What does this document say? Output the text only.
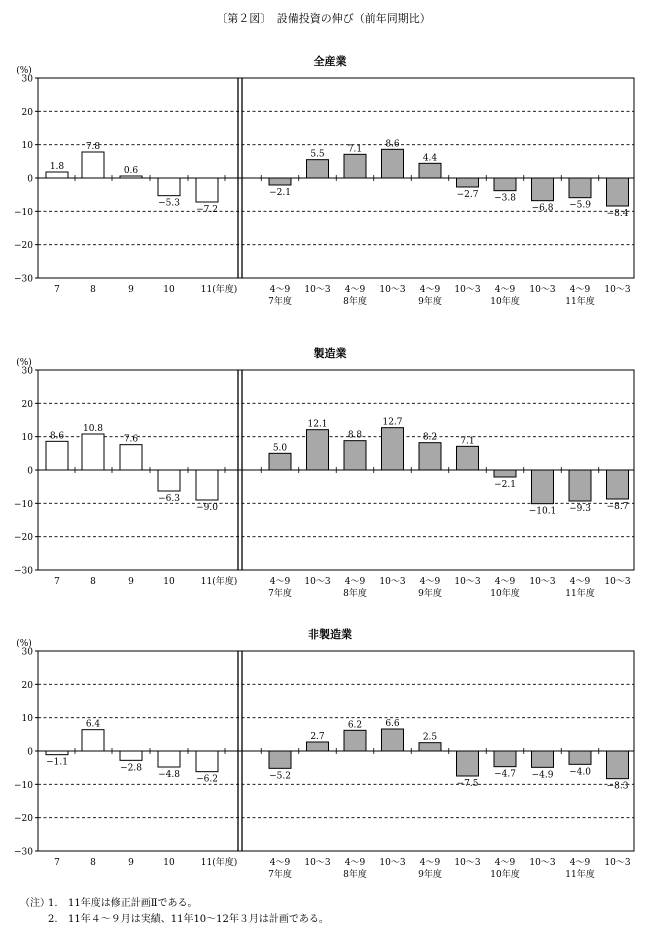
〔第２図〕　設備投資の伸び（前年同期比）
全産業
(%)
30
20
10
0
−10
−20
−30
1.8
7.8
0.6
−5.3
−7.2
−2.1
5.5
7.1	8.6
4.4
−2.7 −3.8
−6.8 −5.9
−8.4
7	8	9	10	11(年度)	4～9
7年度
10～3 4～9
8年度
10～3 4～9
9年度
10～3 4～9
10年度
10～3 4～9
11年度
10～3
製造業
(%)
30
20
10
0
−10
−20
−30
8.6
10.8
7.6
−6.3
−9.0
5.0
12.1
8.8
12.7
8.2	7.1
−2.1
−10.1 −9.3 −8.7
7	8	9	10	11(年度)	4～9
7年度
10～3 4～9
8年度
10～3 4～9
9年度
10～3 4～9
10年度
10～3 4～9
11年度
10～3
非製造業
(%)
30
20
10
0
−10
−20
−30
−1.1
6.4
−2.8
−4.8 −6.2	−5.2
2.7
6.2	6.6
2.5
−7.5
−4.7 −4.9 −4.0
−8.3
7	8	9	10	11(年度)	4～9
7年度
10～3 4～9
8年度
10～3 4～9
9年度
10～3 4～9
10年度
10～3 4～9
11年度
10～3
（注）1. 11年度は修正計画Ⅱである。
2. 11年４～９月は実績、11年10～12年３月は計画である。
